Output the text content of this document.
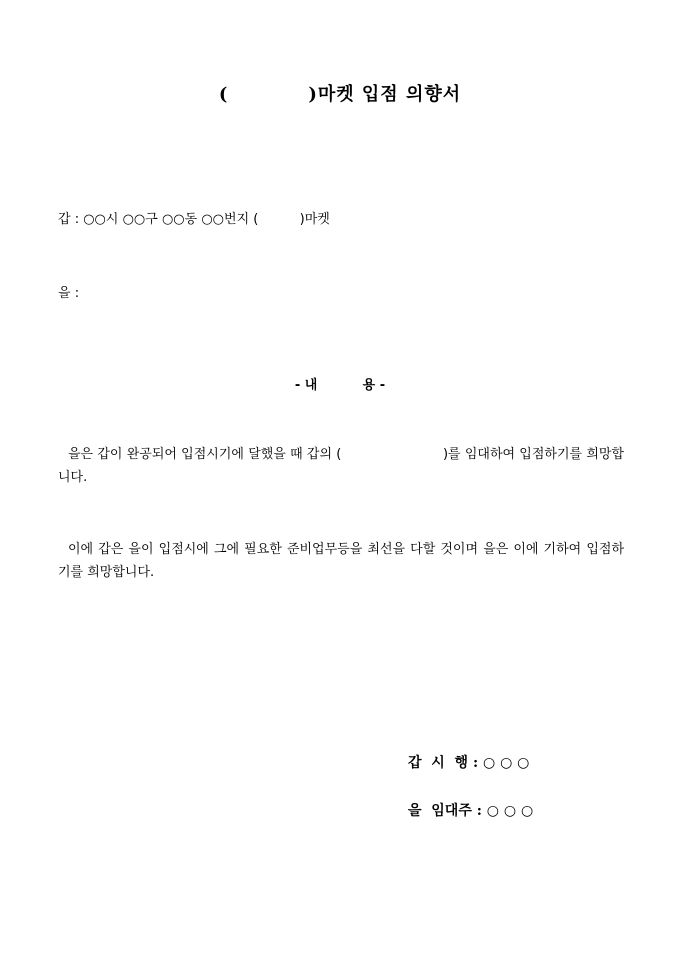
(           )마켓 입점 의향서
갑 : ○○시 ○○구 ○○동 ○○번지 (          )마켓
을 :
- 내          용 -
을은 갑이 완공되어 입점시기에 달했을 때 갑의 (                        )를 임대하여 입점하기를 희망합니다.
이에 갑은 을이 입점시에 그에 필요한 준비업무등을 최선을 다할 것이며 을은 이에 기하여 입점하기를 희망합니다.
갑  시  행 : ○ ○ ○
을  임대주 : ○ ○ ○
